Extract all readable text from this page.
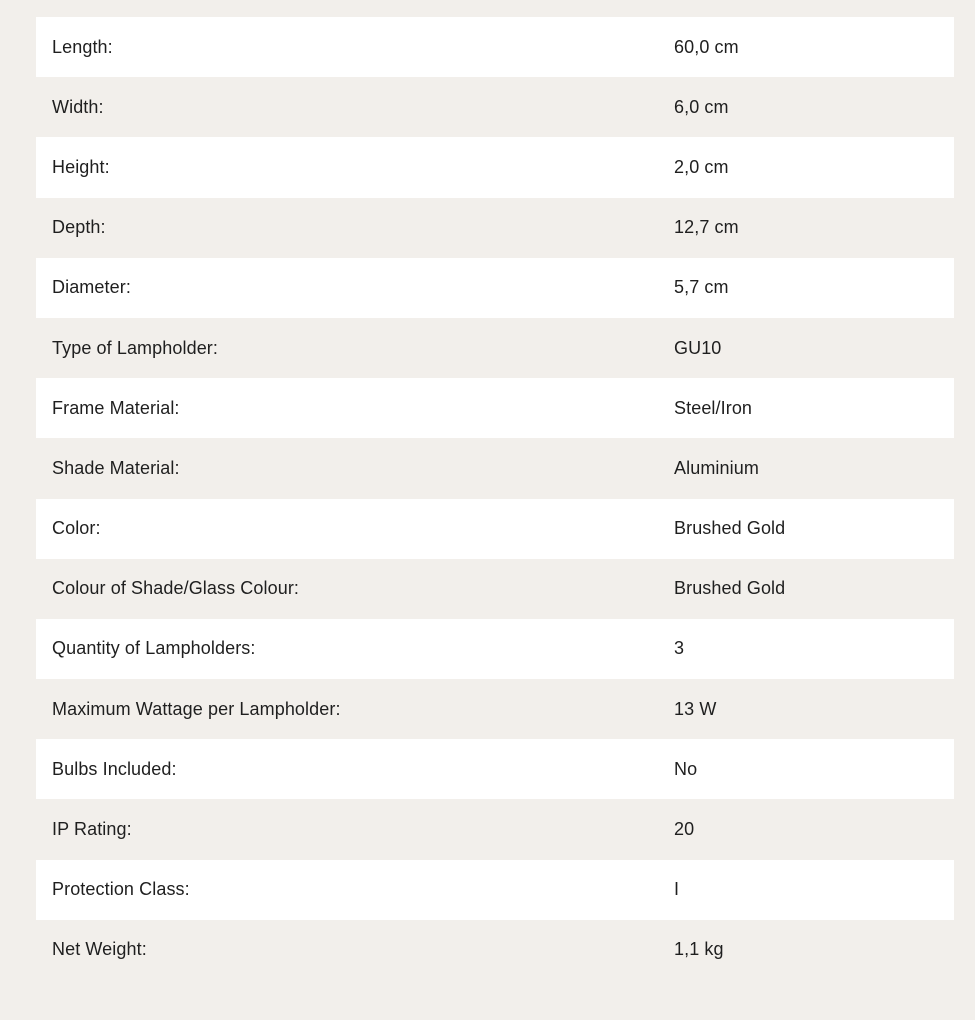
Length:	60,0 cm
Width:	6,0 cm
Height:	2,0 cm
Depth:	12,7 cm
Diameter:	5,7 cm
Type of Lampholder:	GU10
Frame Material:	Steel/Iron
Shade Material:	Aluminium
Color:	Brushed Gold
Colour of Shade/Glass Colour:	Brushed Gold
Quantity of Lampholders:	3
Maximum Wattage per Lampholder:	13 W
Bulbs Included:	No
IP Rating:	20
Protection Class:	I
Net Weight:	1,1 kg
